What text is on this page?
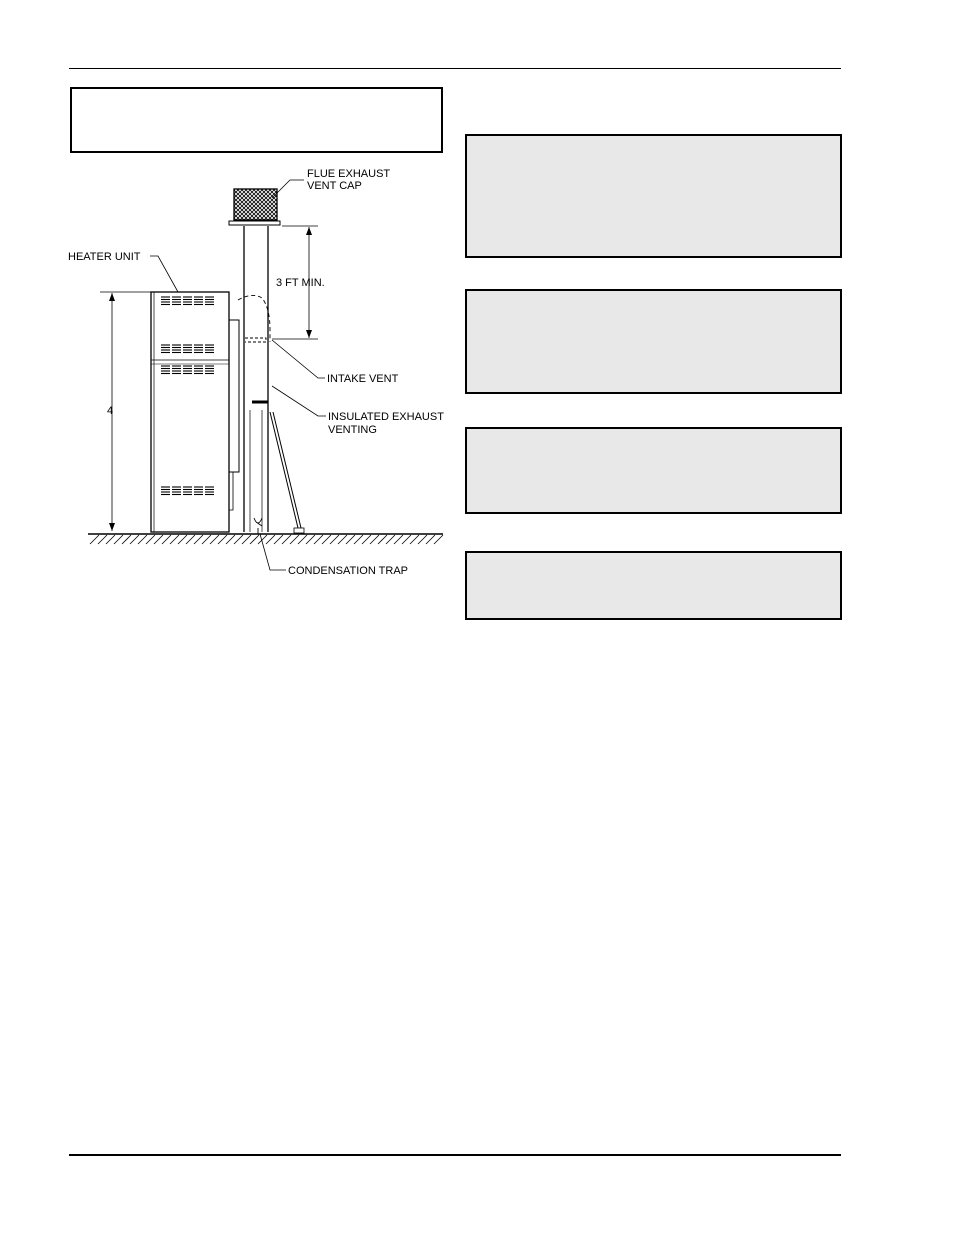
FLUE EXHAUST
VENT CAP
HEATER UNIT
3 FT MIN.
INTAKE VENT
INSULATED EXHAUST
VENTING
4
CONDENSATION TRAP
